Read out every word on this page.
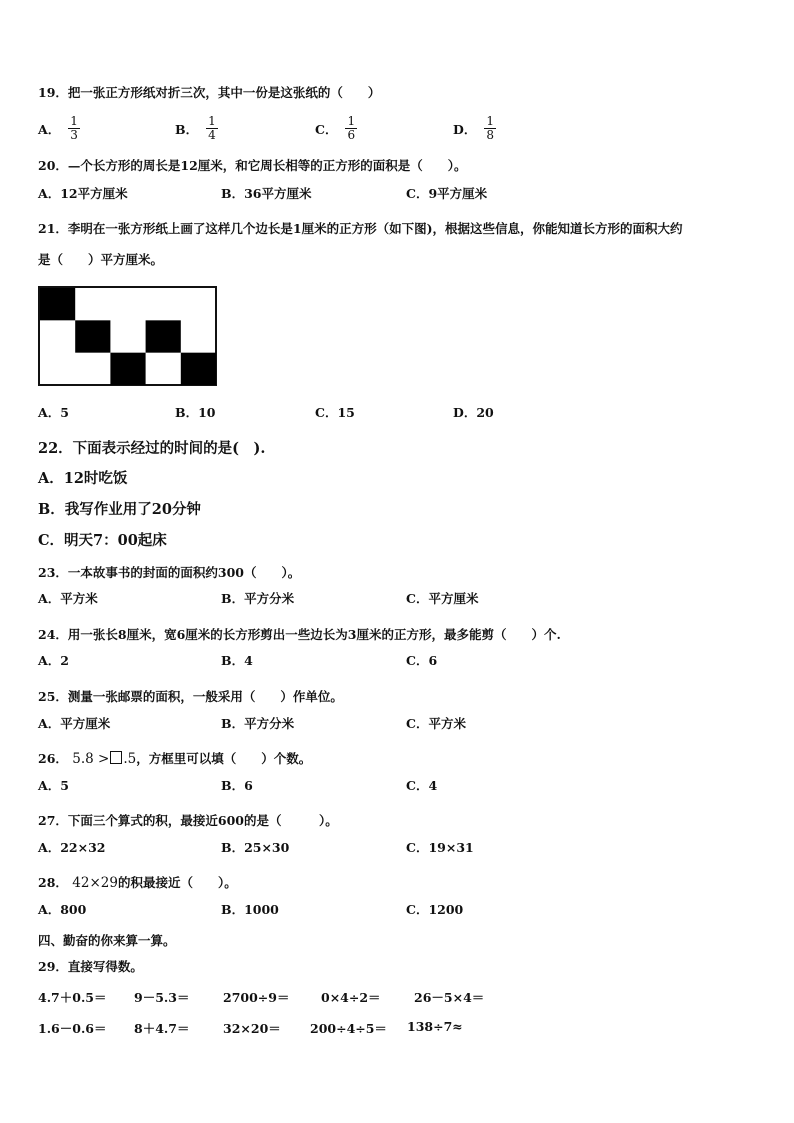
19．把一张正方形纸对折三次，其中一份是这张纸的（　　）
A． $\frac{1}{3}$	B． $\frac{1}{4}$	C． $\frac{1}{6}$	D． $\frac{1}{8}$
20．—个长方形的周长是12厘米，和它周长相等的正方形的面积是（　　）。
A．12平方厘米	B．36平方厘米	C．9平方厘米
21．李明在一张方形纸上画了这样几个边长是1厘米的正方形（如下图)，根据这些信息，你能知道长方形的面积大约
是（　　）平方厘米。
A．5	B．10	C．15	D．20
22．下面表示经过的时间的是(　).
A．12时吃饭
B．我写作业用了20分钟
C．明天7：00起床
23．一本故事书的封面的面积约300（　　）。
A．平方米	B．平方分米	C．平方厘米
24．用一张长8厘米，宽6厘米的长方形剪出一些边长为3厘米的正方形，最多能剪（　　）个.
A．2	B．4	C．6
25．测量一张邮票的面积，一般采用（　　）作单位。
A．平方厘米	B．平方分米	C．平方米
26． 5.8 > .5，方框里可以填（　　）个数。
A．5	B．6	C．4
27．下面三个算式的积，最接近600的是（　　　）。
A．22×32	B．25×30	C．19×31
28． 42×29的积最接近（　　）。
A．800	B．1000	C．1200
四、勤奋的你来算一算。
29．直接写得数。
4.7＋0.5＝ 9－5.3＝	2700÷9＝	0×4÷2＝	26－5×4＝
1.6－0.6＝ 8＋4.7＝	32×20＝ 200÷4÷5＝ 138÷7≈
